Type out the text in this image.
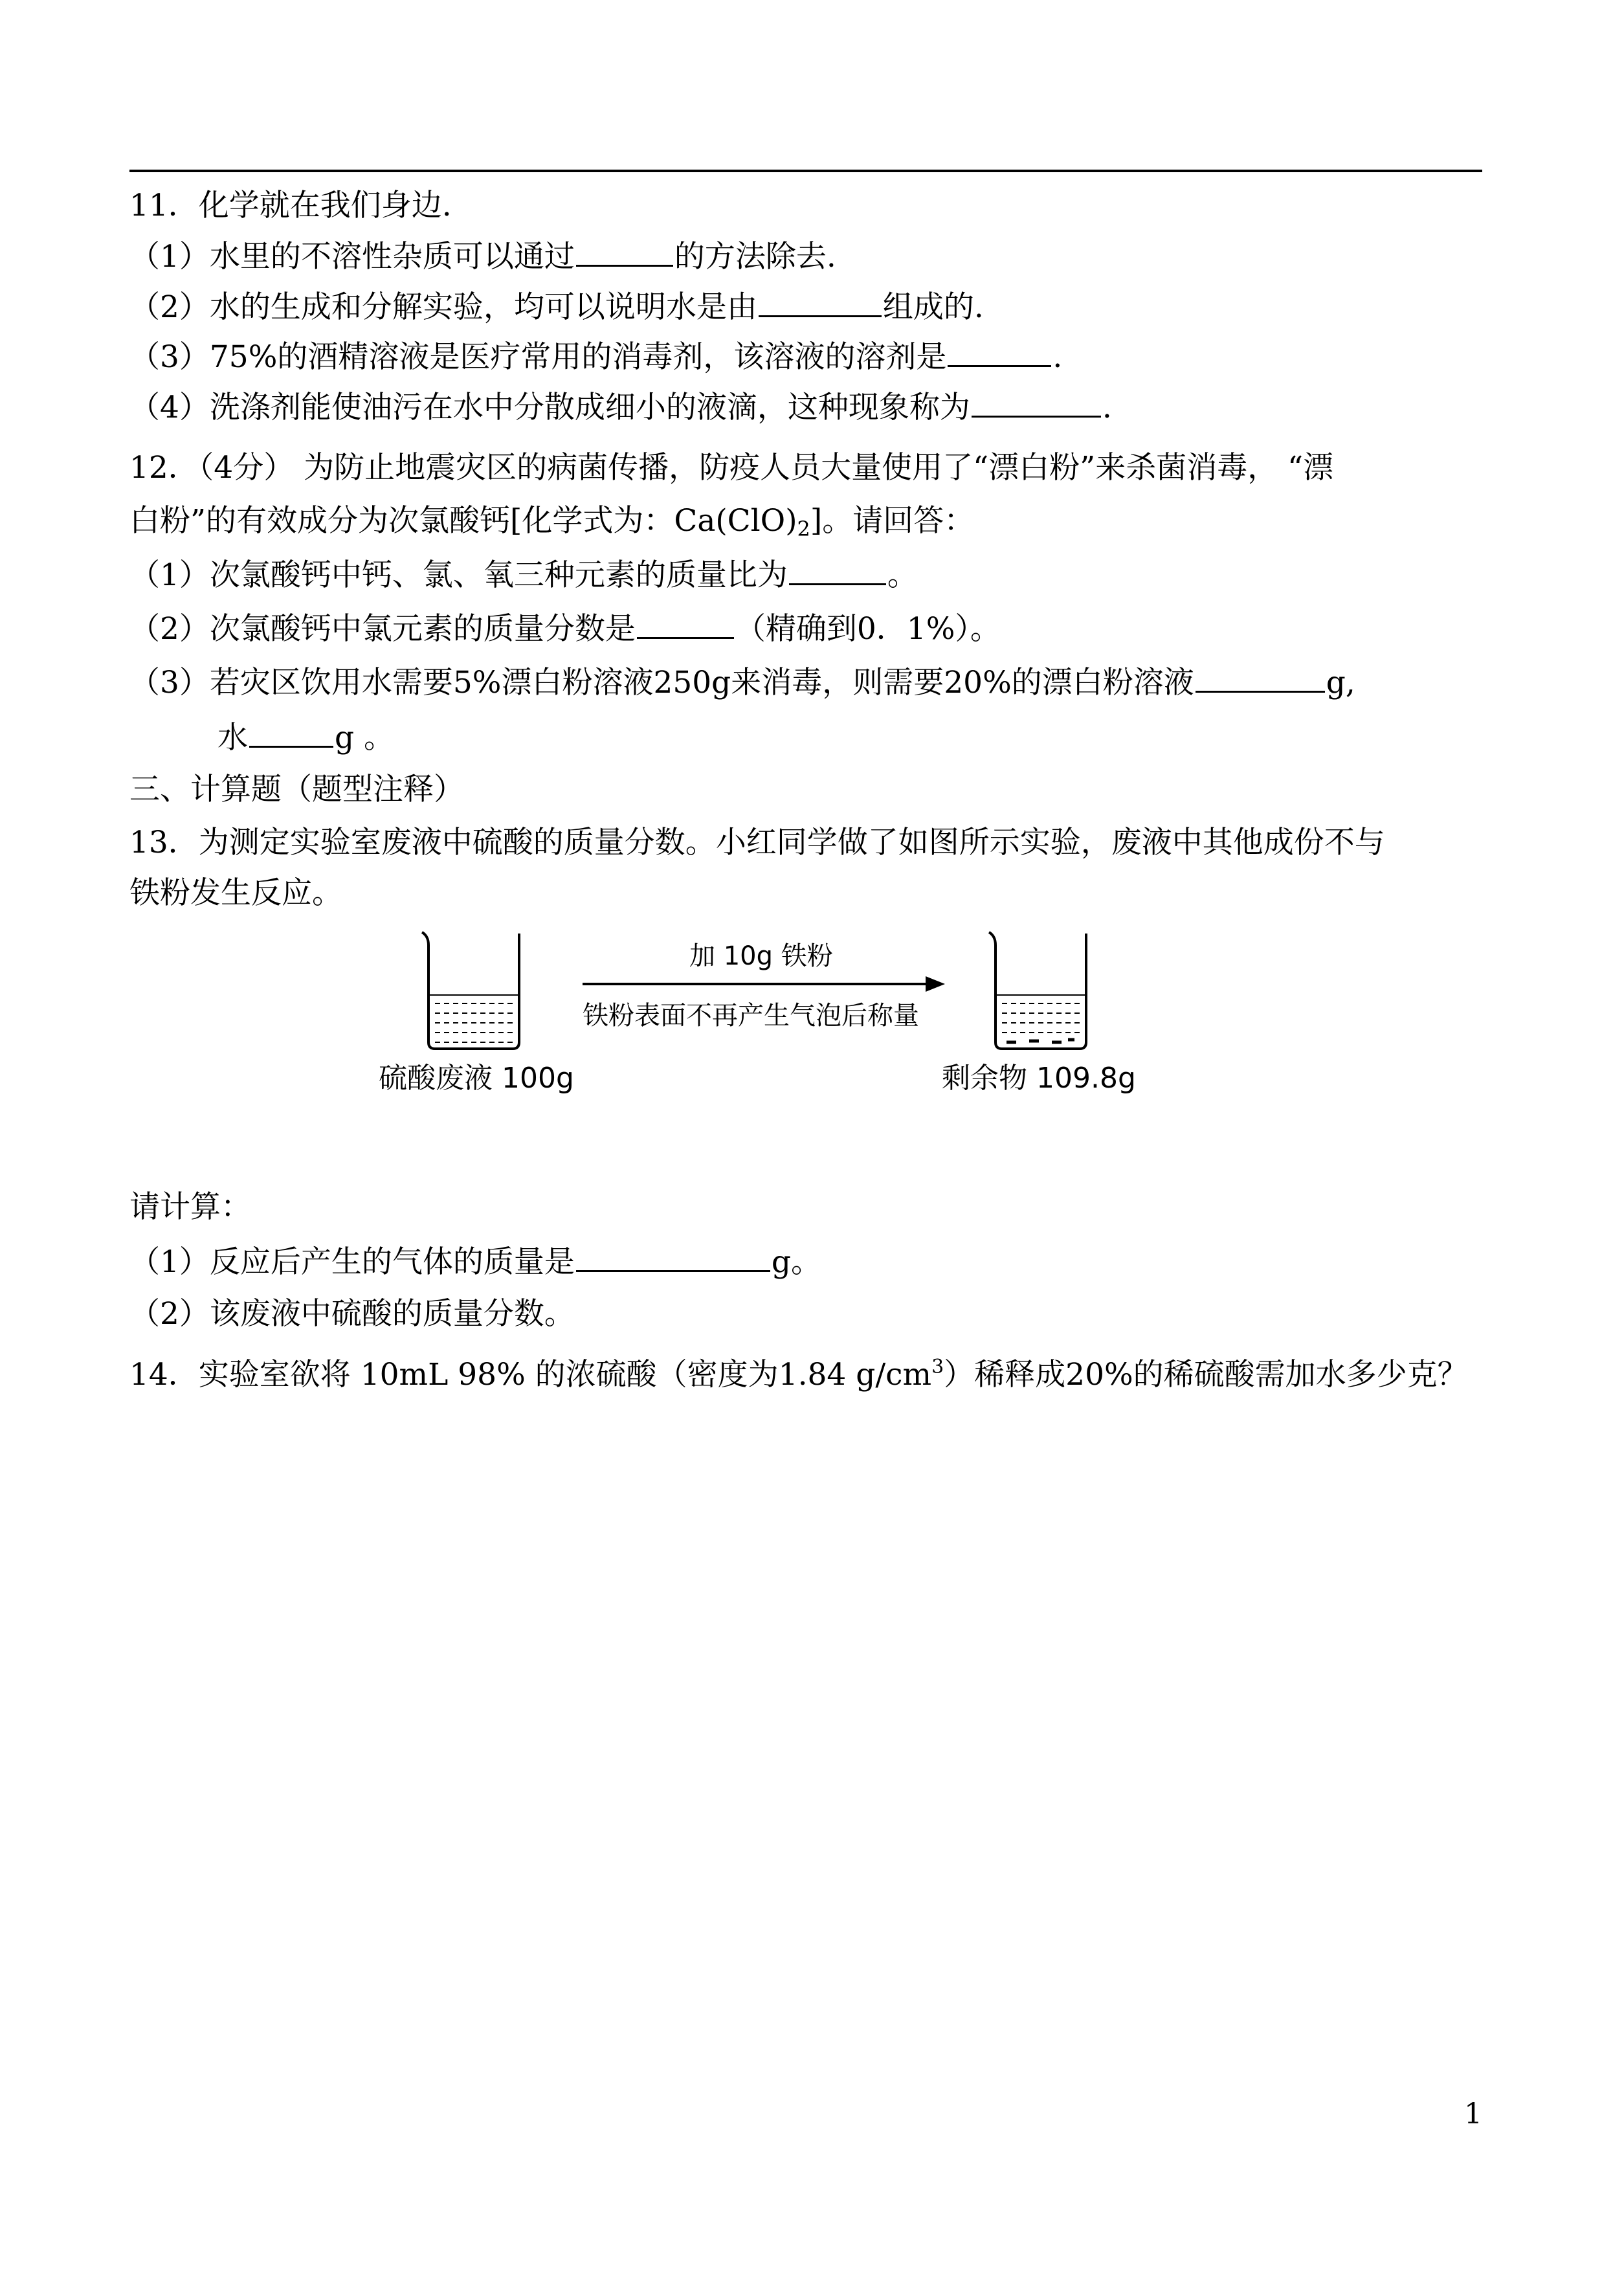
11．化学就在我们身边.
（1）水里的不溶性杂质可以通过	的方法除去.
（2）水的生成和分解实验，均可以说明水是由	组成的.
（3）75%的酒精溶液是医疗常用的消毒剂，该溶液的溶剂是	.
（4）洗涤剂能使油污在水中分散成细小的液滴，这种现象称为	.
12．（4分） 为防止地震灾区的病菌传播，防疫人员大量使用了“漂白粉”来杀菌消毒， “漂
白粉”的有效成分为次氯酸钙[化学式为：Ca(ClO)2]。请回答：
（1）次氯酸钙中钙、氯、氧三种元素的质量比为	。
（2）次氯酸钙中氯元素的质量分数是	（精确到0．1%）。
（3）若灾区饮用水需要5%漂白粉溶液250g来消毒，则需要20%的漂白粉溶液	g,
水	g 。
三、计算题（题型注释）
13．为测定实验室废液中硫酸的质量分数。小红同学做了如图所示实验，废液中其他成份不与
铁粉发生反应。
加 10g 铁粉
铁粉表面不再产生气泡后称量
硫酸废液 100g	剩余物 109.8g
请计算：
（1）反应后产生的气体的质量是	g。
（2）该废液中硫酸的质量分数。
14．实验室欲将 10mL 98% 的浓硫酸（密度为1.84 $g/cm^3$）稀释成20%的稀硫酸需加水多少克？
1
